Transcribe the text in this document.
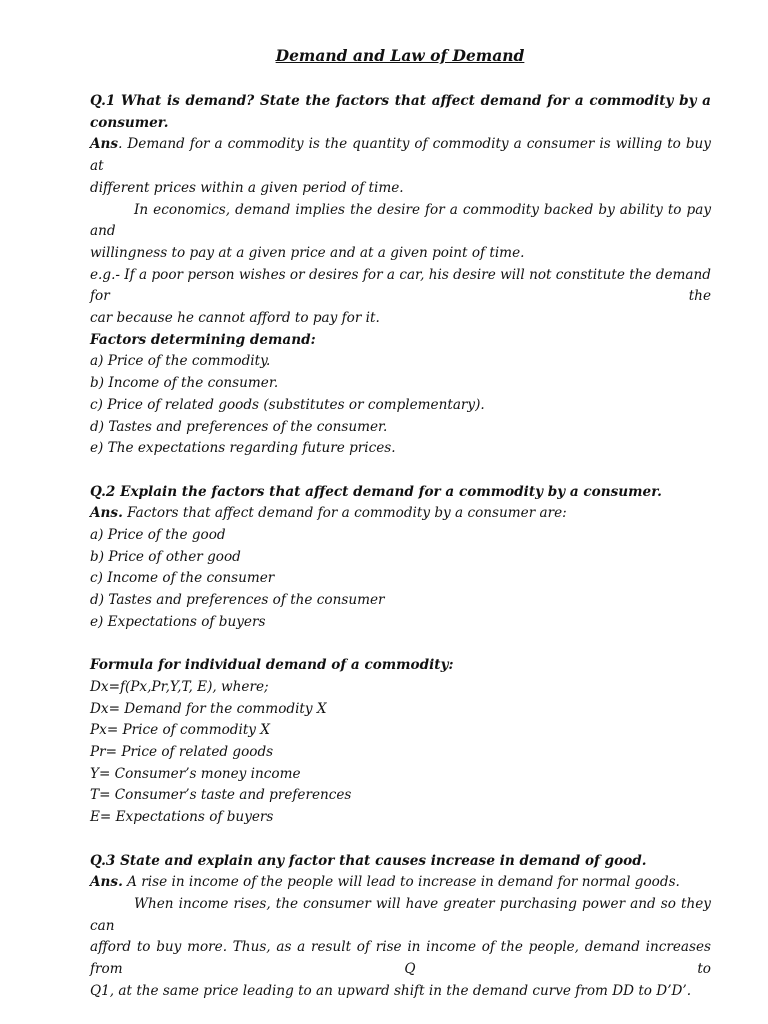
Demand and Law of Demand
Q.1 What is demand? State the factors that affect demand for a commodity by a
consumer.
Ans. Demand for a commodity is the quantity of commodity a consumer is willing to buy at
different prices within a given period of time.
In economics, demand implies the desire for a commodity backed by ability to pay and
willingness to pay at a given price and at a given point of time.
e.g.- If a poor person wishes or desires for a car, his desire will not constitute the demand for the
car because he cannot afford to pay for it.
Factors determining demand:
a) Price of the commodity.
b) Income of the consumer.
c) Price of related goods (substitutes or complementary).
d) Tastes and preferences of the consumer.
e) The expectations regarding future prices.
Q.2 Explain the factors that affect demand for a commodity by a consumer.
Ans. Factors that affect demand for a commodity by a consumer are:
a) Price of the good
b) Price of other good
c) Income of the consumer
d) Tastes and preferences of the consumer
e) Expectations of buyers
Formula for individual demand of a commodity:
Dx=f(Px,Pr,Y,T, E), where;
Dx= Demand for the commodity X
Px= Price of commodity X
Pr= Price of related goods
Y= Consumer’s money income
T= Consumer’s taste and preferences
E= Expectations of buyers
Q.3 State and explain any factor that causes increase in demand of good.
Ans. A rise in income of the people will lead to increase in demand for normal goods.
When income rises, the consumer will have greater purchasing power and so they can
afford to buy more. Thus, as a result of rise in income of the people, demand increases from Q to
Q1, at the same price leading to an upward shift in the demand curve from DD to D’D’.
